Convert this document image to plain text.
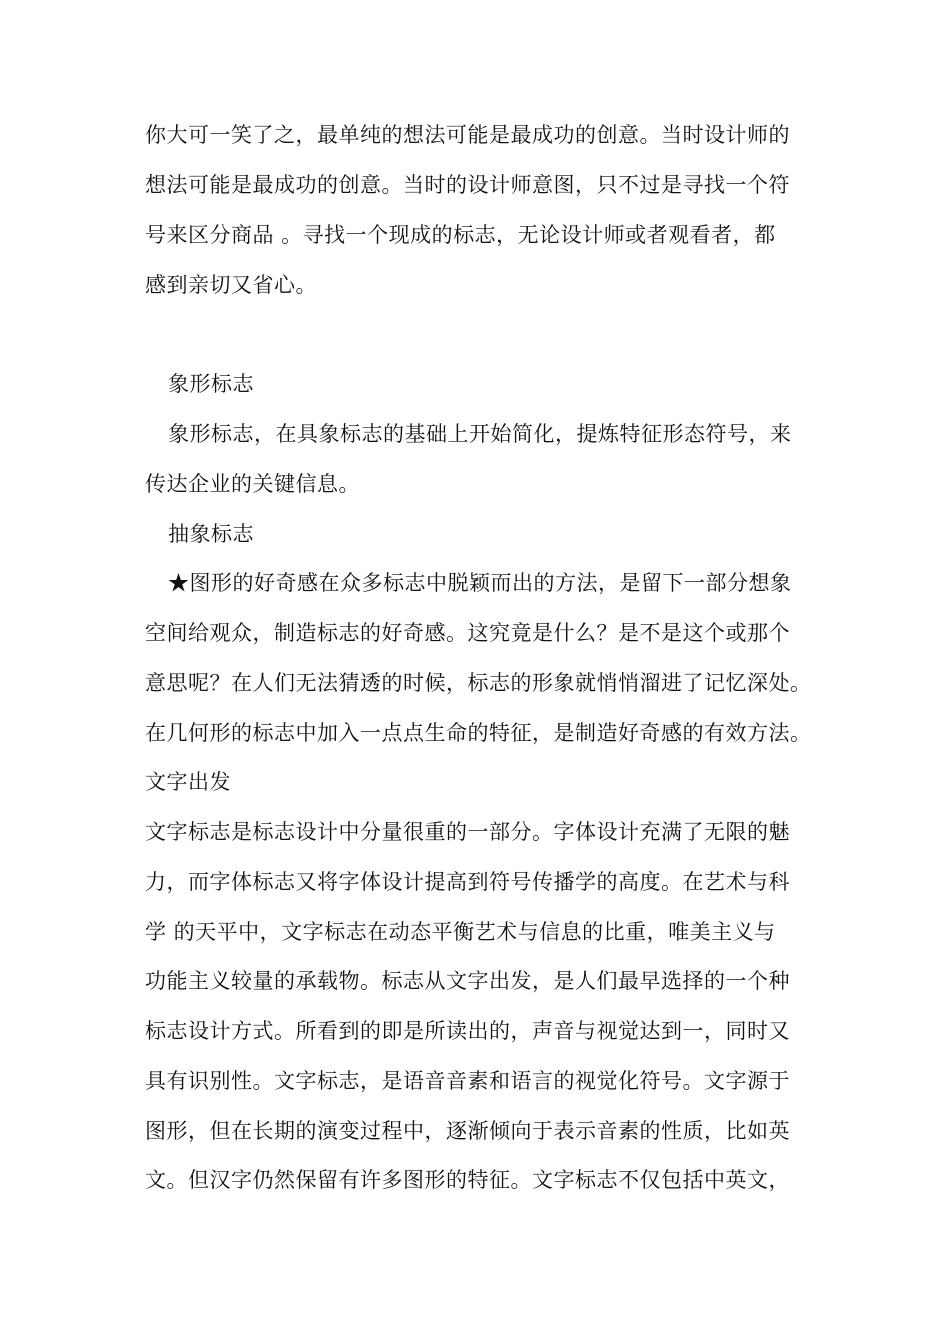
你大可一笑了之，最单纯的想法可能是最成功的创意。当时设计师的
想法可能是最成功的创意。当时的设计师意图，只不过是寻找一个符
号来区分商品 。寻找一个现成的标志，无论设计师或者观看者，都
感到亲切又省心。
象形标志
象形标志，在具象标志的基础上开始简化，提炼特征形态符号，来
传达企业的关键信息。
抽象标志
★图形的好奇感在众多标志中脱颖而出的方法，是留下一部分想象
空间给观众，制造标志的好奇感。这究竟是什么？是不是这个或那个
意思呢？在人们无法猜透的时候，标志的形象就悄悄溜进了记忆深处。
在几何形的标志中加入一点点生命的特征，是制造好奇感的有效方法。
文字出发
文字标志是标志设计中分量很重的一部分。字体设计充满了无限的魅
力，而字体标志又将字体设计提高到符号传播学的高度。在艺术与科
学 的天平中，文字标志在动态平衡艺术与信息的比重，唯美主义与
功能主义较量的承载物。标志从文字出发，是人们最早选择的一个种
标志设计方式。所看到的即是所读出的，声音与视觉达到一，同时又
具有识别性。文字标志，是语音音素和语言的视觉化符号。文字源于
图形，但在长期的演变过程中，逐渐倾向于表示音素的性质，比如英
文。但汉字仍然保留有许多图形的特征。文字标志不仅包括中英文，
